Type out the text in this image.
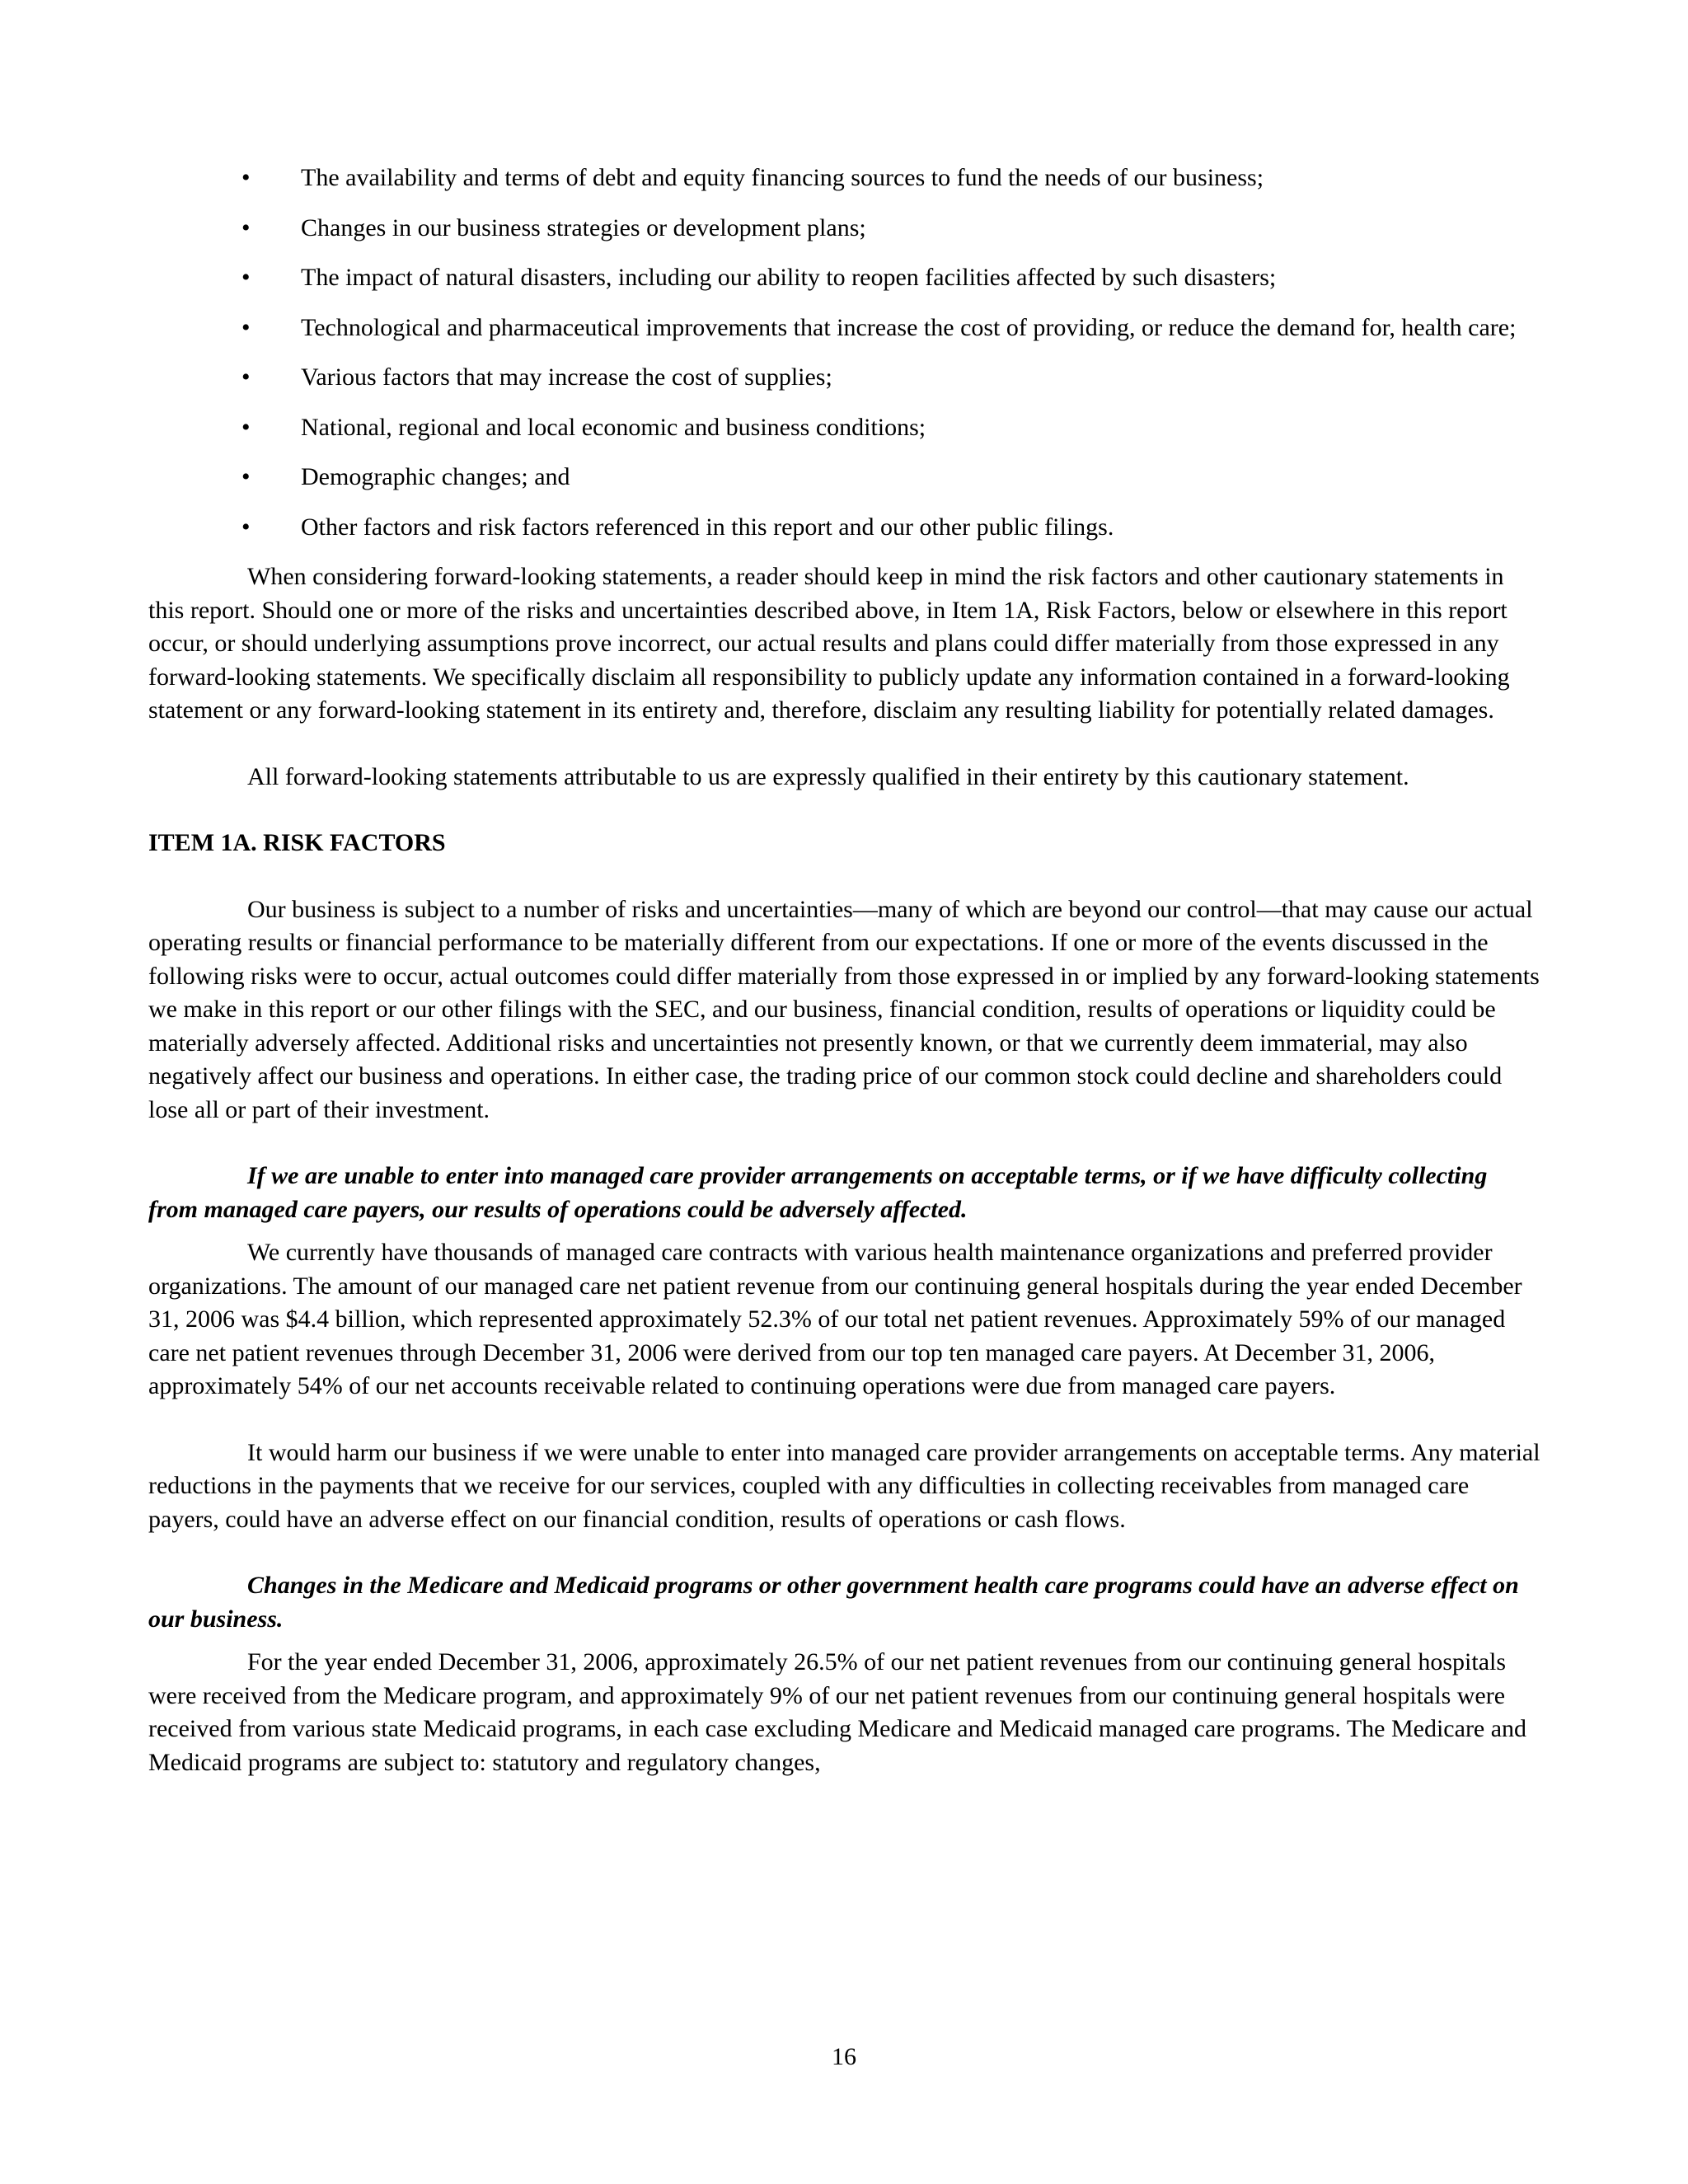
• The availability and terms of debt and equity financing sources to fund the needs of our business;
• Changes in our business strategies or development plans;
• The impact of natural disasters, including our ability to reopen facilities affected by such disasters;
• Technological and pharmaceutical improvements that increase the cost of providing, or reduce the demand for, health care;
• Various factors that may increase the cost of supplies;
• National, regional and local economic and business conditions;
• Demographic changes; and
• Other factors and risk factors referenced in this report and our other public filings.

When considering forward-looking statements, a reader should keep in mind the risk factors and other cautionary statements in this report. Should one or more of the risks and uncertainties described above, in Item 1A, Risk Factors, below or elsewhere in this report occur, or should underlying assumptions prove incorrect, our actual results and plans could differ materially from those expressed in any forward-looking statements. We specifically disclaim all responsibility to publicly update any information contained in a forward-looking statement or any forward-looking statement in its entirety and, therefore, disclaim any resulting liability for potentially related damages.

All forward-looking statements attributable to us are expressly qualified in their entirety by this cautionary statement.

ITEM 1A. RISK FACTORS

Our business is subject to a number of risks and uncertainties—many of which are beyond our control—that may cause our actual operating results or financial performance to be materially different from our expectations. If one or more of the events discussed in the following risks were to occur, actual outcomes could differ materially from those expressed in or implied by any forward-looking statements we make in this report or our other filings with the SEC, and our business, financial condition, results of operations or liquidity could be materially adversely affected. Additional risks and uncertainties not presently known, or that we currently deem immaterial, may also negatively affect our business and operations. In either case, the trading price of our common stock could decline and shareholders could lose all or part of their investment.

If we are unable to enter into managed care provider arrangements on acceptable terms, or if we have difficulty collecting from managed care payers, our results of operations could be adversely affected.

We currently have thousands of managed care contracts with various health maintenance organizations and preferred provider organizations. The amount of our managed care net patient revenue from our continuing general hospitals during the year ended December 31, 2006 was $4.4 billion, which represented approximately 52.3% of our total net patient revenues. Approximately 59% of our managed care net patient revenues through December 31, 2006 were derived from our top ten managed care payers. At December 31, 2006, approximately 54% of our net accounts receivable related to continuing operations were due from managed care payers.

It would harm our business if we were unable to enter into managed care provider arrangements on acceptable terms. Any material reductions in the payments that we receive for our services, coupled with any difficulties in collecting receivables from managed care payers, could have an adverse effect on our financial condition, results of operations or cash flows.

Changes in the Medicare and Medicaid programs or other government health care programs could have an adverse effect on our business.

For the year ended December 31, 2006, approximately 26.5% of our net patient revenues from our continuing general hospitals were received from the Medicare program, and approximately 9% of our net patient revenues from our continuing general hospitals were received from various state Medicaid programs, in each case excluding Medicare and Medicaid managed care programs. The Medicare and Medicaid programs are subject to: statutory and regulatory changes,

16
